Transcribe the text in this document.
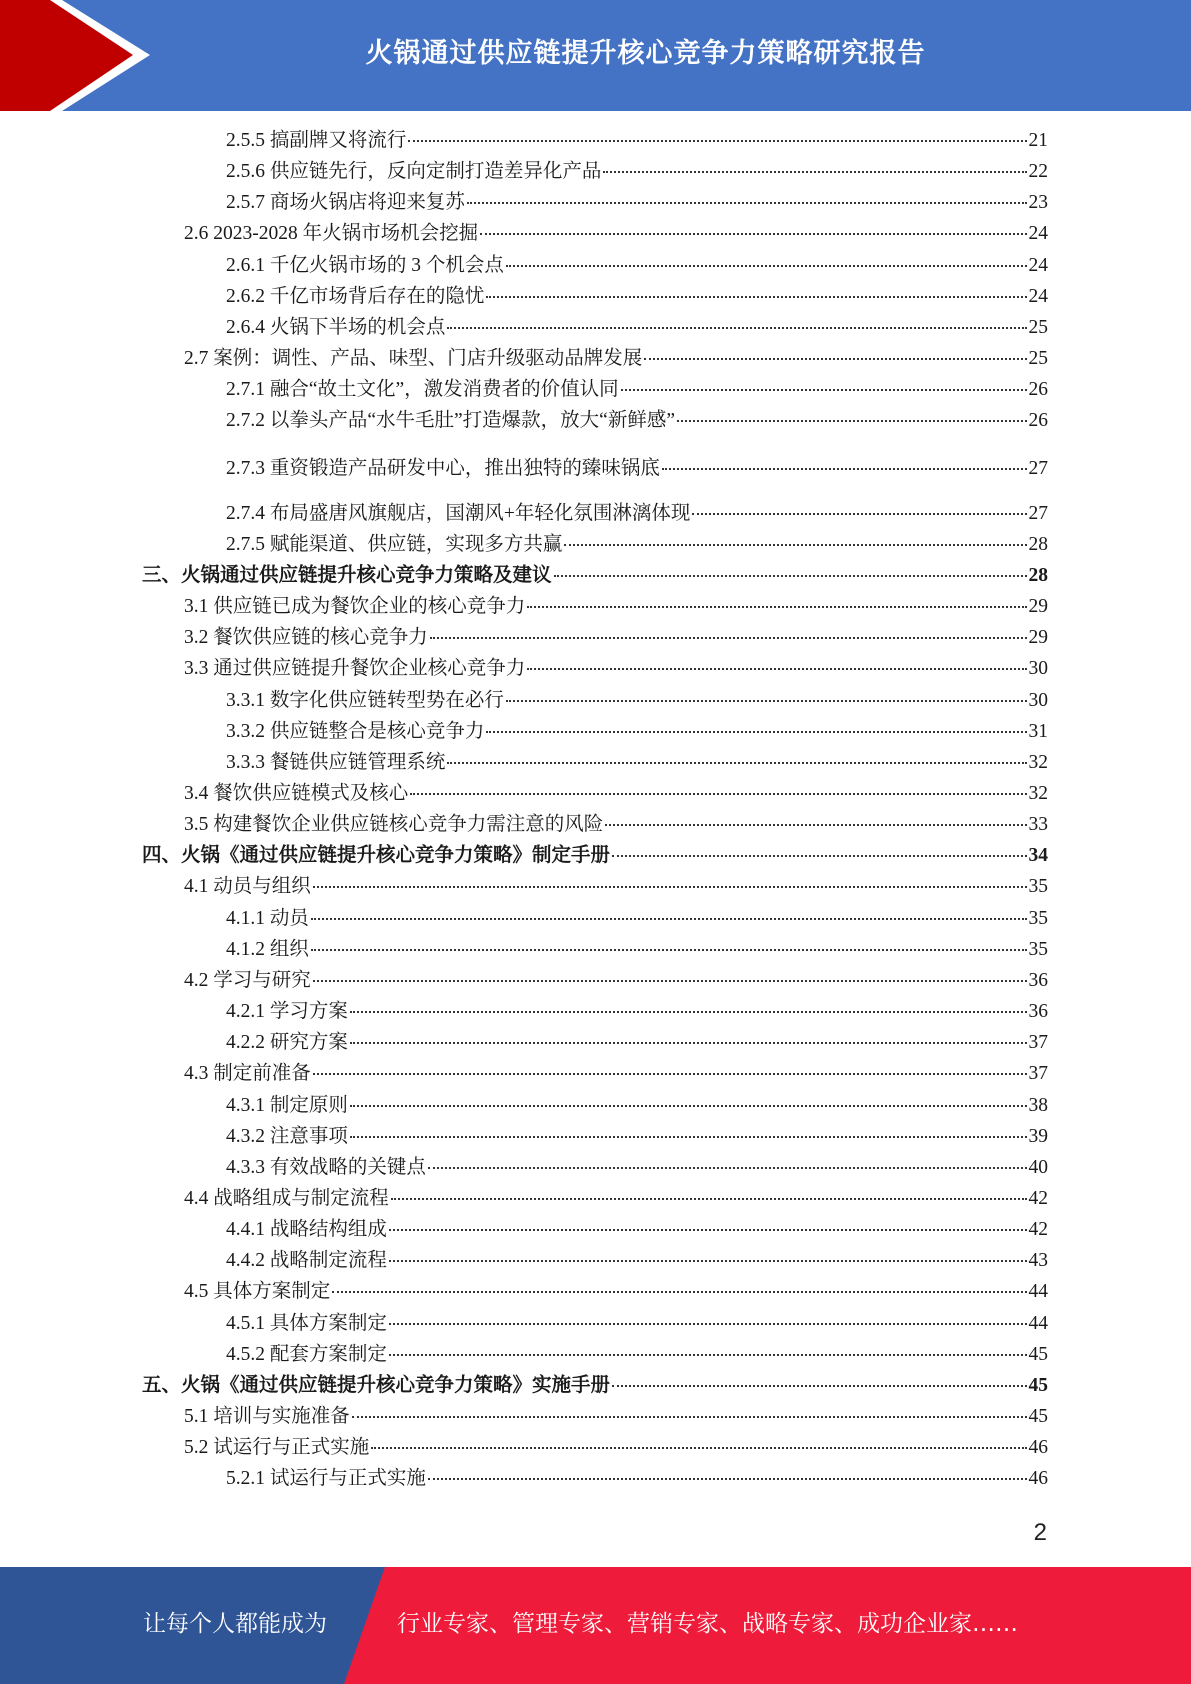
火锅通过供应链提升核心竞争力策略研究报告
2.5.5 搞副牌又将流行	21
2.5.6 供应链先行，反向定制打造差异化产品	22
2.5.7 商场火锅店将迎来复苏	23
2.6 2023-2028 年火锅市场机会挖掘	24
2.6.1 千亿火锅市场的 3 个机会点	24
2.6.2 千亿市场背后存在的隐忧	24
2.6.4 火锅下半场的机会点	25
2.7 案例：调性、产品、味型、门店升级驱动品牌发展	25
2.7.1 融合“故土文化”，激发消费者的价值认同	26
2.7.2 以拳头产品“水牛毛肚”打造爆款，放大“新鲜感”	26
2.7.3 重资锻造产品研发中心，推出独特的臻味锅底	27
2.7.4 布局盛唐风旗舰店，国潮风+年轻化氛围淋漓体现	27
2.7.5 赋能渠道、供应链，实现多方共赢	28
三、火锅通过供应链提升核心竞争力策略及建议	28
3.1 供应链已成为餐饮企业的核心竞争力	29
3.2 餐饮供应链的核心竞争力	29
3.3 通过供应链提升餐饮企业核心竞争力	30
3.3.1 数字化供应链转型势在必行	30
3.3.2 供应链整合是核心竞争力	31
3.3.3 餐链供应链管理系统	32
3.4 餐饮供应链模式及核心	32
3.5 构建餐饮企业供应链核心竞争力需注意的风险	33
四、火锅《通过供应链提升核心竞争力策略》制定手册	34
4.1 动员与组织	35
4.1.1 动员	35
4.1.2 组织	35
4.2 学习与研究	36
4.2.1 学习方案	36
4.2.2 研究方案	37
4.3 制定前准备	37
4.3.1 制定原则	38
4.3.2 注意事项	39
4.3.3 有效战略的关键点	40
4.4 战略组成与制定流程	42
4.4.1 战略结构组成	42
4.4.2 战略制定流程	43
4.5 具体方案制定	44
4.5.1 具体方案制定	44
4.5.2 配套方案制定	45
五、火锅《通过供应链提升核心竞争力策略》实施手册	45
5.1 培训与实施准备	45
5.2 试运行与正式实施	46
5.2.1 试运行与正式实施	46
2
让每个人都能成为	行业专家、管理专家、营销专家、战略专家、成功企业家……
